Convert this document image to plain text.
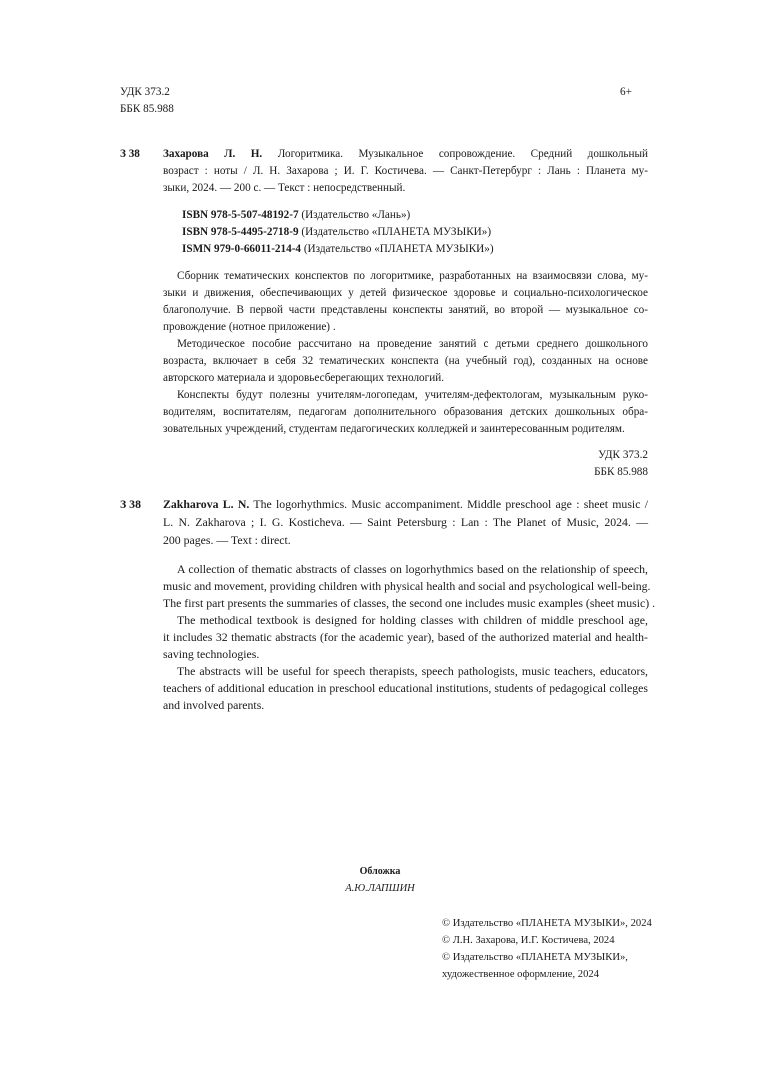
УДК 373.2
ББК 85.988
6+
З 38 Захарова Л. Н. Логоритмика. Музыкальное сопровождение. Средний дошкольный
возраст : ноты / Л. Н. Захарова ; И. Г. Костичева. — Санкт-Петербург : Лань : Планета му-
зыки, 2024. — 200 с. — Текст : непосредственный.
ISBN 978-5-507-48192-7 (Издательство «Лань»)
ISBN 978-5-4495-2718-9 (Издательство «ПЛАНЕТА МУЗЫКИ»)
ISMN 979-0-66011-214-4 (Издательство «ПЛАНЕТА МУЗЫКИ»)
Сборник тематических конспектов по логоритмике, разработанных на взаимосвязи слова, му-
зыки и движения, обеспечивающих у детей физическое здоровье и социально-психологическое
благополучие. В первой части представлены конспекты занятий, во второй — музыкальное со-
провождение (нотное приложение) .
Методическое пособие рассчитано на проведение занятий с детьми среднего дошкольного
возраста, включает в себя 32 тематических конспекта (на учебный год), созданных на основе
авторского материала и здоровьесберегающих технологий.
Конспекты будут полезны учителям-логопедам, учителям-дефектологам, музыкальным руко-
водителям, воспитателям, педагогам дополнительного образования детских дошкольных обра-
зовательных учреждений, студентам педагогических колледжей и заинтересованным родителям.
УДК 373.2
ББК 85.988
З 38 Zakharova L. N. The logorhythmics. Music accompaniment. Middle preschool age : sheet music /
L. N. Zakharova ; I. G. Kosticheva. — Saint Petersburg : Lan : The Planet of Music, 2024. —
200 pages. — Text : direct.
A collection of thematic abstracts of classes on logorhythmics based on the relationship of speech,
music and movement, providing children with physical health and social and psychological well-being.
The first part presents the summaries of classes, the second one includes music examples (sheet music) .
The methodical textbook is designed for holding classes with children of middle preschool age,
it includes 32 thematic abstracts (for the academic year), based of the authorized material and health-
saving technologies.
The abstracts will be useful for speech therapists, speech pathologists, music teachers, educators,
teachers of additional education in preschool educational institutions, students of pedagogical colleges
and involved parents.
Обложка
А.Ю.ЛАПШИН
© Издательство «ПЛАНЕТА МУЗЫКИ», 2024
© Л.Н. Захарова, И.Г. Костичева, 2024
© Издательство «ПЛАНЕТА МУЗЫКИ»,
художественное оформление, 2024
